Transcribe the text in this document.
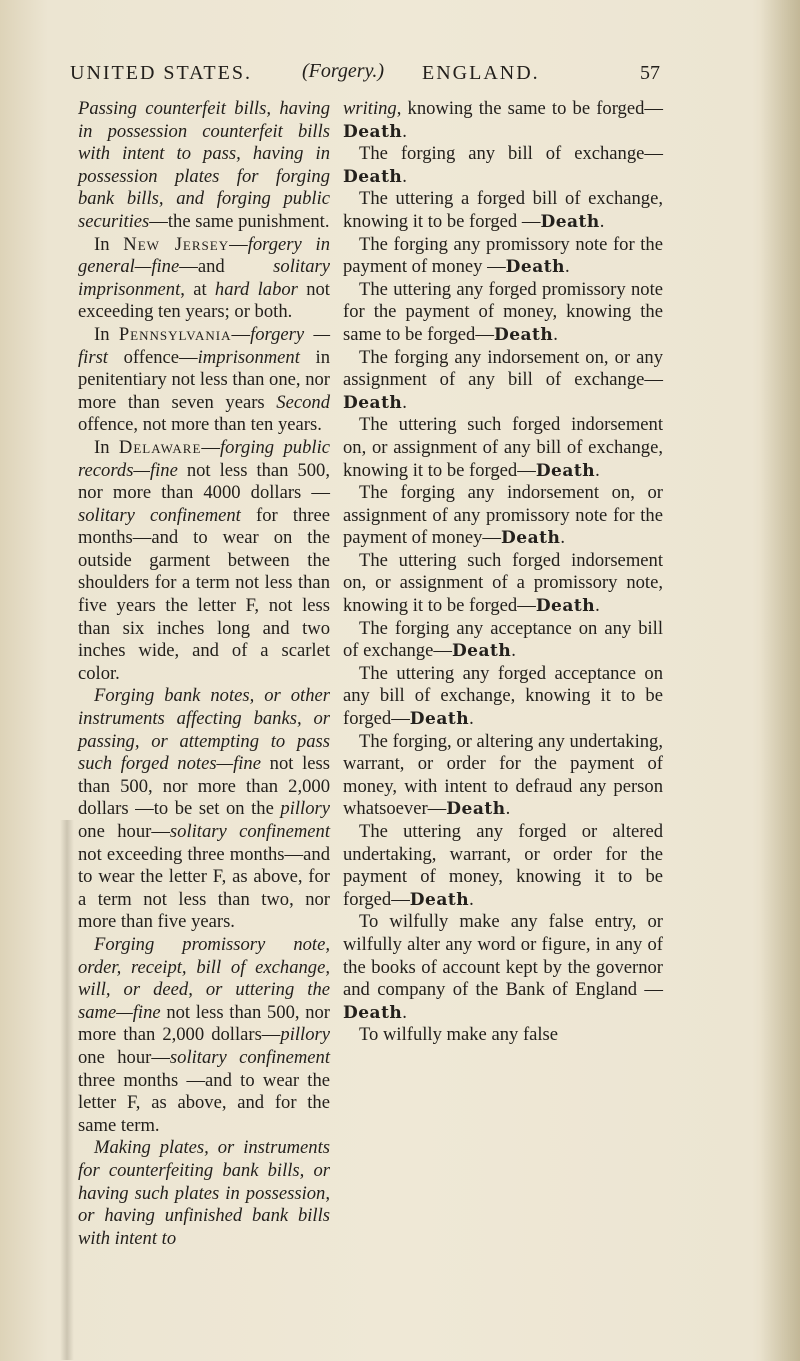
UNITED STATES.	(Forgery.) ENGLAND.	57

Passing counterfeit bills, having in possession counterfeit bills with intent to pass, having in possession plates for forging bank bills, and forging public securities—the same punishment.

In New Jersey—forgery in general—fine—and solitary imprisonment, at hard labor not exceeding ten years; or both.

In Pennsylvania—forgery —first offence—imprisonment in penitentiary not less than one, nor more than seven years Second offence, not more than ten years.

In Delaware—forging public records—fine not less than 500, nor more than 4000 dollars —solitary confinement for three months—and to wear on the outside garment between the shoulders for a term not less than five years the letter F, not less than six inches long and two inches wide, and of a scarlet color.

Forging bank notes, or other instruments affecting banks, or passing, or attempting to pass such forged notes—fine not less than 500, nor more than 2,000 dollars —to be set on the pillory one hour—solitary confinement not exceeding three months—and to wear the letter F, as above, for a term not less than two, nor more than five years.

Forging promissory note, order, receipt, bill of exchange, will, or deed, or uttering the same—fine not less than 500, nor more than 2,000 dollars—pillory one hour—solitary confinement three months —and to wear the letter F, as above, and for the same term.

Making plates, or instruments for counterfeiting bank bills, or having such plates in possession, or having unfinished bank bills with intent to

writing, knowing the same to be forged—Death.

The forging any bill of exchange—Death.

The uttering a forged bill of exchange, knowing it to be forged —Death.

The forging any promissory note for the payment of money —Death.

The uttering any forged promissory note for the payment of money, knowing the same to be forged—Death.

The forging any indorsement on, or any assignment of any bill of exchange—Death.

The uttering such forged indorsement on, or assignment of any bill of exchange, knowing it to be forged—Death.

The forging any indorsement on, or assignment of any promissory note for the payment of money—Death.

The uttering such forged indorsement on, or assignment of a promissory note, knowing it to be forged—Death.

The forging any acceptance on any bill of exchange—Death.

The uttering any forged acceptance on any bill of exchange, knowing it to be forged—Death.

The forging, or altering any undertaking, warrant, or order for the payment of money, with intent to defraud any person whatsoever—Death.

The uttering any forged or altered undertaking, warrant, or order for the payment of money, knowing it to be forged—Death.

To wilfully make any false entry, or wilfully alter any word or figure, in any of the books of account kept by the governor and company of the Bank of England —Death.

To wilfully make any false
